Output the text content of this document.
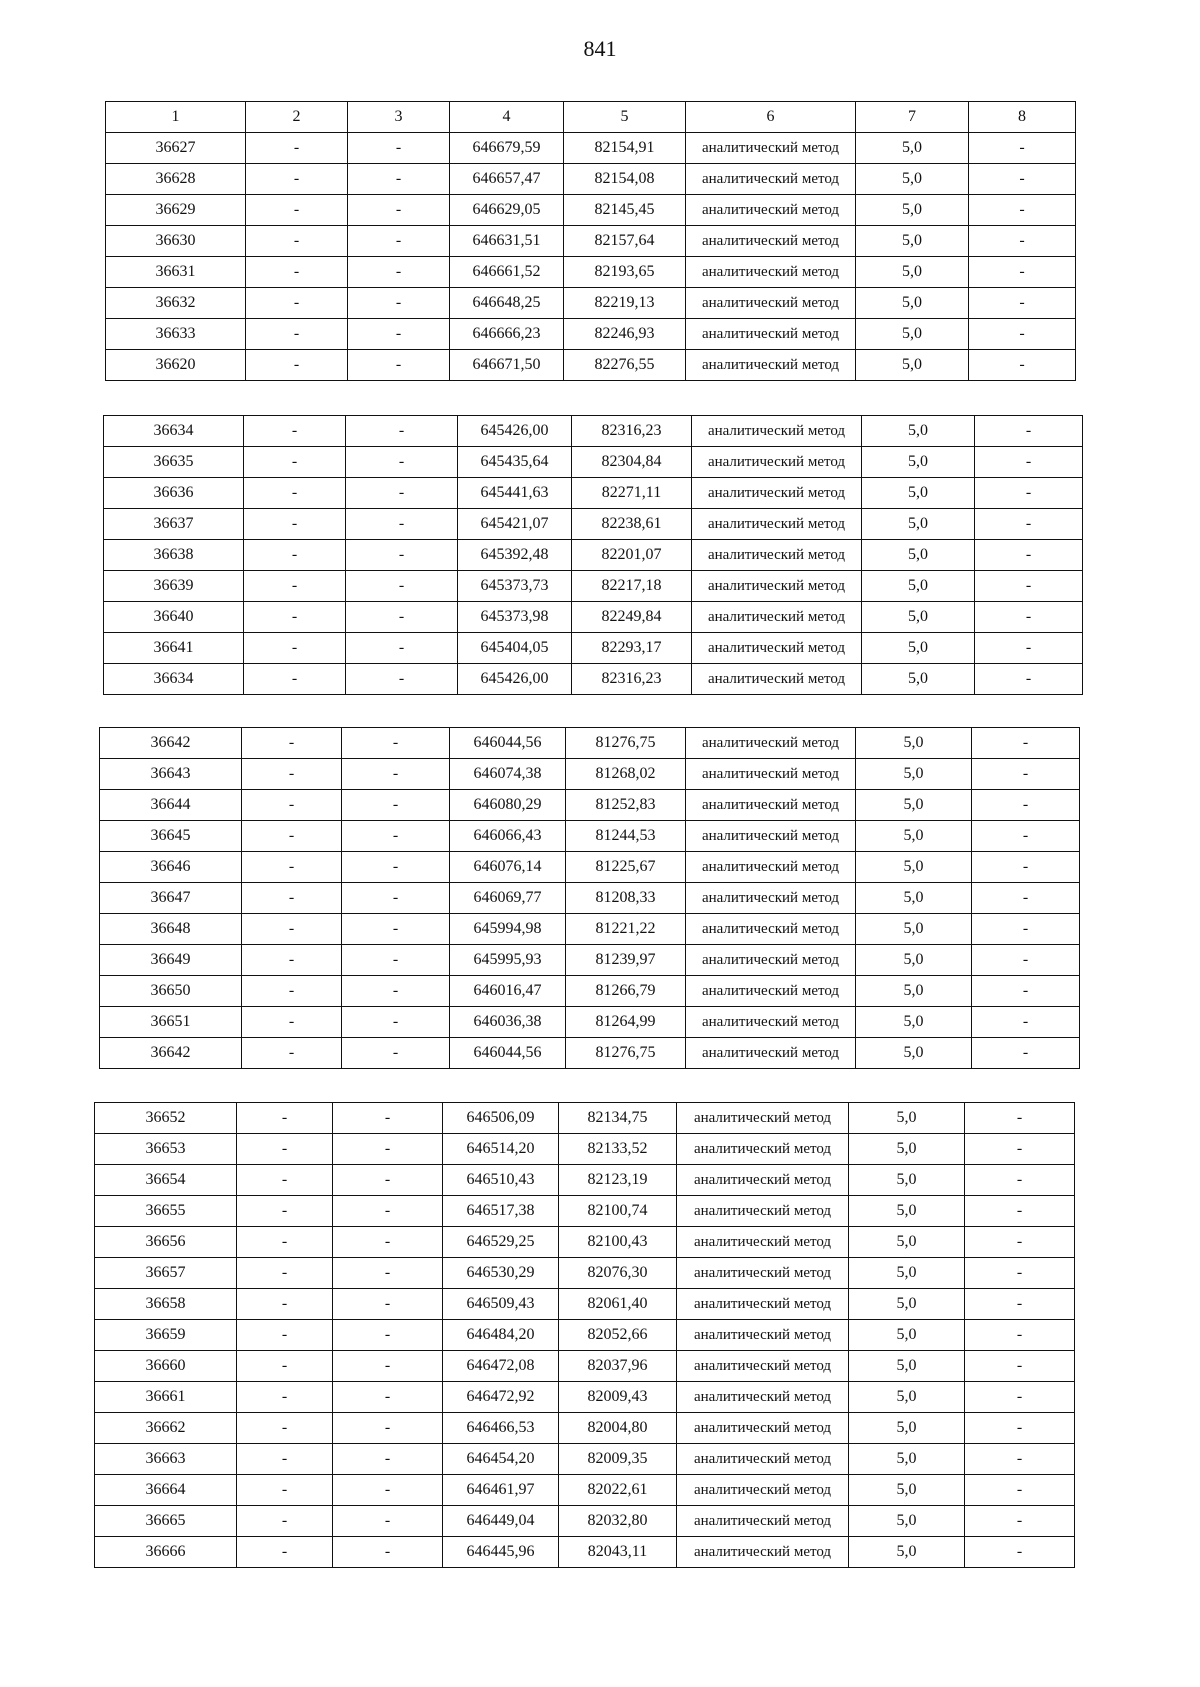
841
1	2	3	4	5	6	7	8
36627	-	-	646679,59	82154,91	аналитический метод	5,0	-
36628	-	-	646657,47	82154,08	аналитический метод	5,0	-
36629	-	-	646629,05	82145,45	аналитический метод	5,0	-
36630	-	-	646631,51	82157,64	аналитический метод	5,0	-
36631	-	-	646661,52	82193,65	аналитический метод	5,0	-
36632	-	-	646648,25	82219,13	аналитический метод	5,0	-
36633	-	-	646666,23	82246,93	аналитический метод	5,0	-
36620	-	-	646671,50	82276,55	аналитический метод	5,0	-
36634	-	-	645426,00	82316,23	аналитический метод	5,0	-
36635	-	-	645435,64	82304,84	аналитический метод	5,0	-
36636	-	-	645441,63	82271,11	аналитический метод	5,0	-
36637	-	-	645421,07	82238,61	аналитический метод	5,0	-
36638	-	-	645392,48	82201,07	аналитический метод	5,0	-
36639	-	-	645373,73	82217,18	аналитический метод	5,0	-
36640	-	-	645373,98	82249,84	аналитический метод	5,0	-
36641	-	-	645404,05	82293,17	аналитический метод	5,0	-
36634	-	-	645426,00	82316,23	аналитический метод	5,0	-
36642	-	-	646044,56	81276,75	аналитический метод	5,0	-
36643	-	-	646074,38	81268,02	аналитический метод	5,0	-
36644	-	-	646080,29	81252,83	аналитический метод	5,0	-
36645	-	-	646066,43	81244,53	аналитический метод	5,0	-
36646	-	-	646076,14	81225,67	аналитический метод	5,0	-
36647	-	-	646069,77	81208,33	аналитический метод	5,0	-
36648	-	-	645994,98	81221,22	аналитический метод	5,0	-
36649	-	-	645995,93	81239,97	аналитический метод	5,0	-
36650	-	-	646016,47	81266,79	аналитический метод	5,0	-
36651	-	-	646036,38	81264,99	аналитический метод	5,0	-
36642	-	-	646044,56	81276,75	аналитический метод	5,0	-
36652	-	-	646506,09	82134,75	аналитический метод	5,0	-
36653	-	-	646514,20	82133,52	аналитический метод	5,0	-
36654	-	-	646510,43	82123,19	аналитический метод	5,0	-
36655	-	-	646517,38	82100,74	аналитический метод	5,0	-
36656	-	-	646529,25	82100,43	аналитический метод	5,0	-
36657	-	-	646530,29	82076,30	аналитический метод	5,0	-
36658	-	-	646509,43	82061,40	аналитический метод	5,0	-
36659	-	-	646484,20	82052,66	аналитический метод	5,0	-
36660	-	-	646472,08	82037,96	аналитический метод	5,0	-
36661	-	-	646472,92	82009,43	аналитический метод	5,0	-
36662	-	-	646466,53	82004,80	аналитический метод	5,0	-
36663	-	-	646454,20	82009,35	аналитический метод	5,0	-
36664	-	-	646461,97	82022,61	аналитический метод	5,0	-
36665	-	-	646449,04	82032,80	аналитический метод	5,0	-
36666	-	-	646445,96	82043,11	аналитический метод	5,0	-
